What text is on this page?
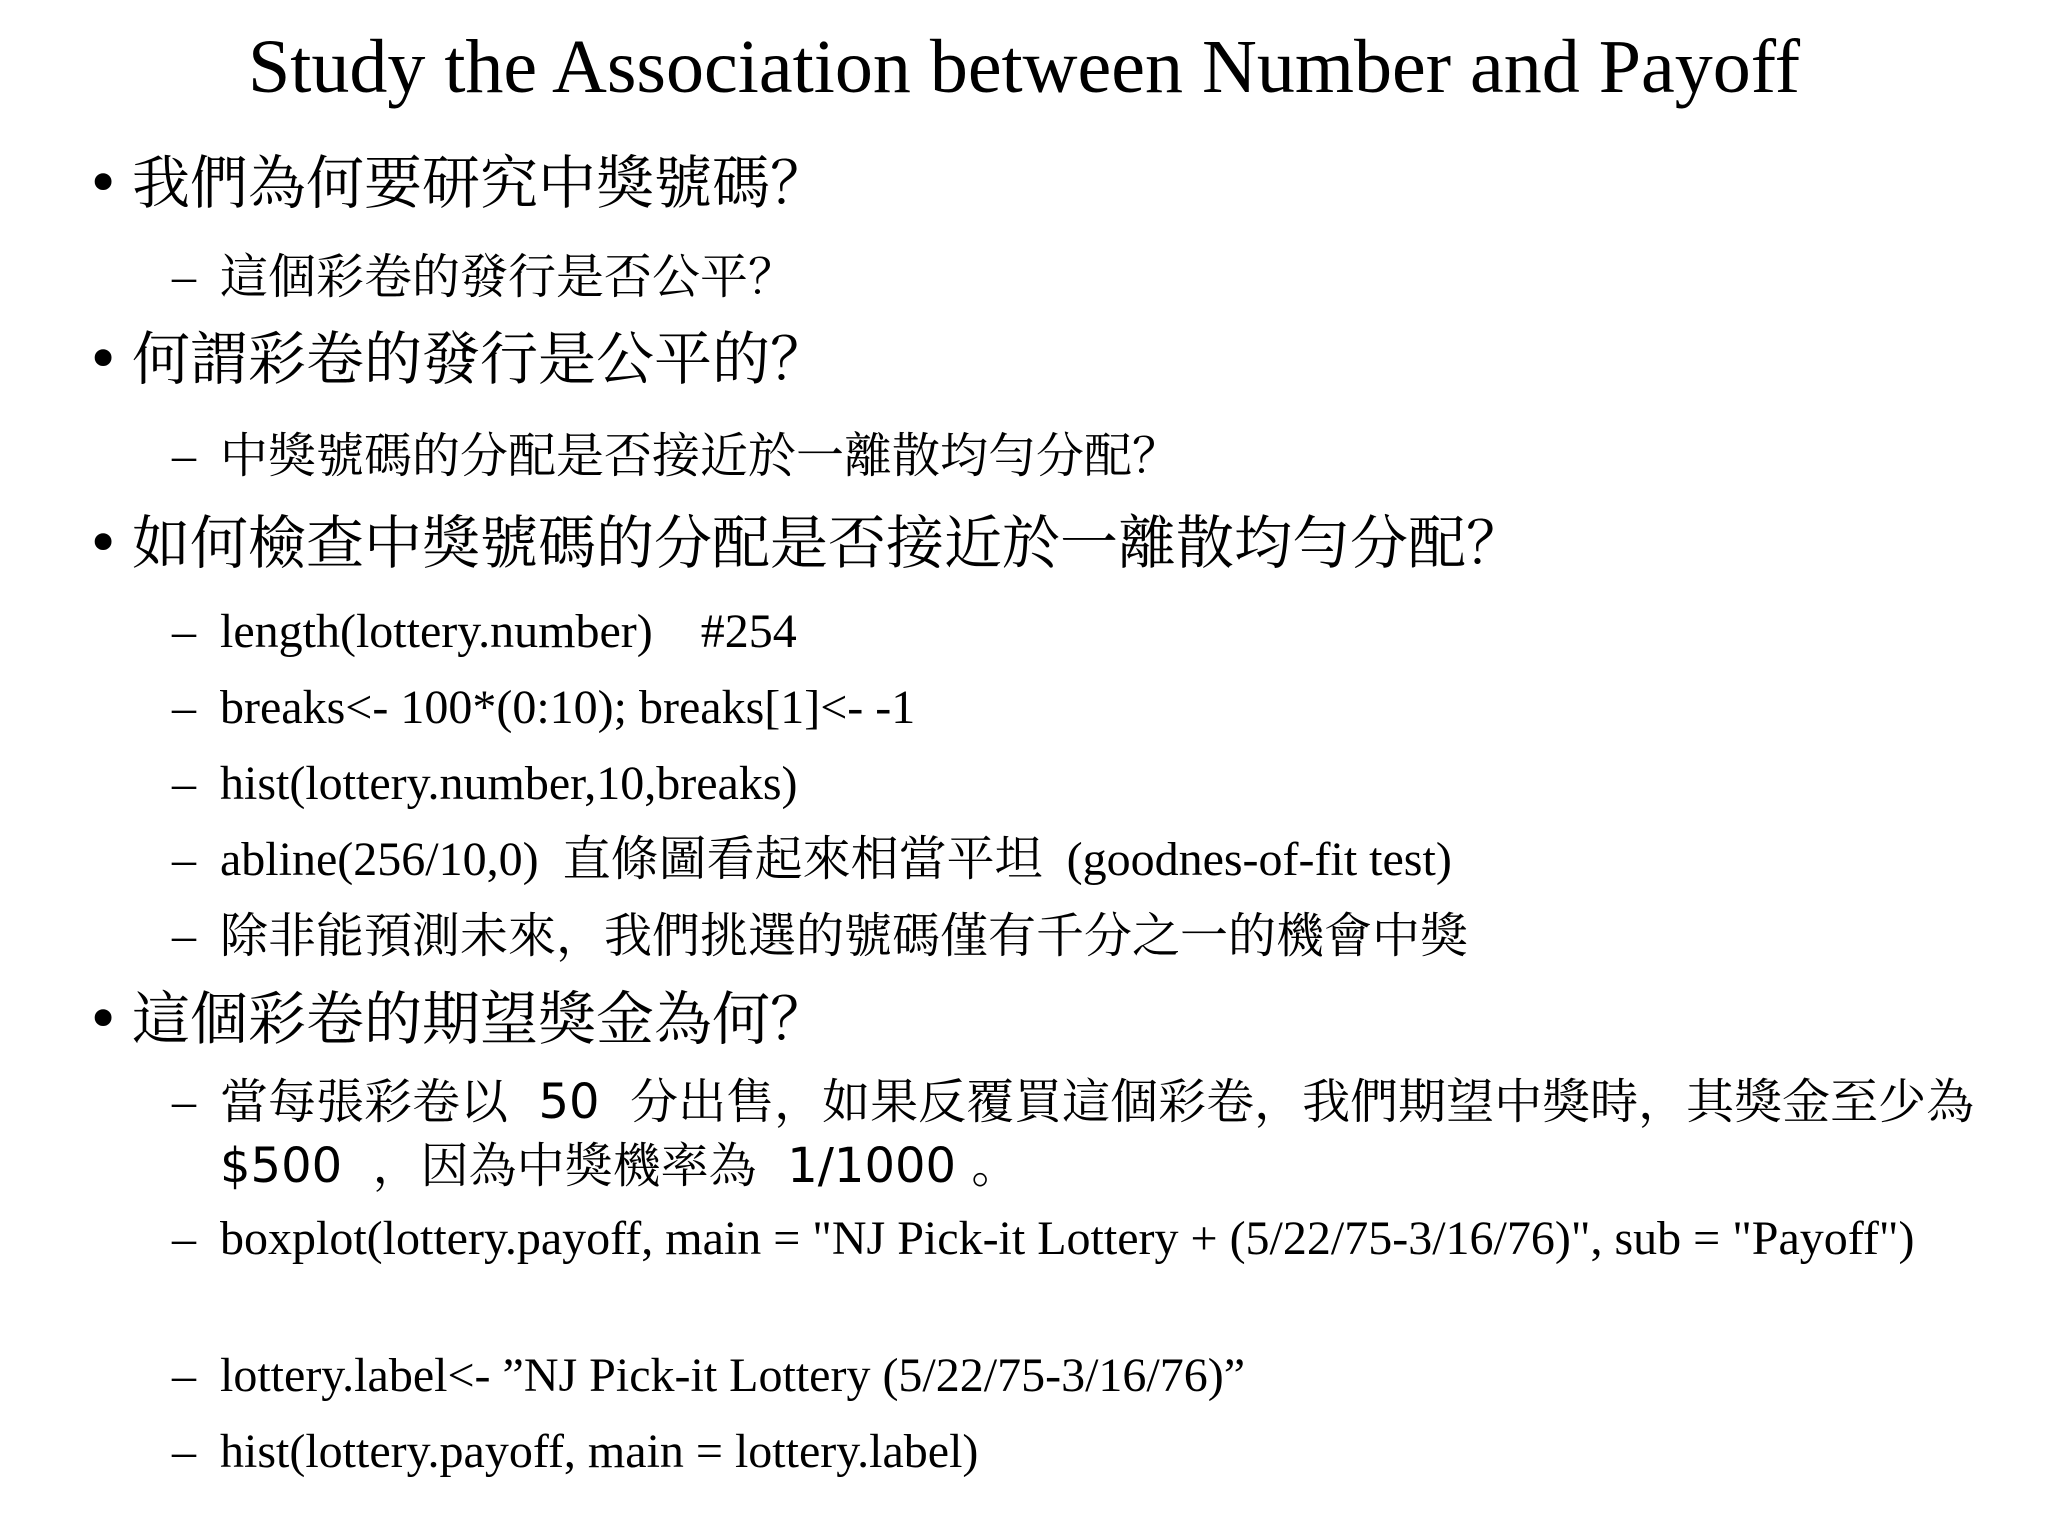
Study the Association between Number and Payoff
• 我們為何要研究中獎號碼？
– 這個彩卷的發行是否公平？
• 何謂彩卷的發行是公平的？
– 中獎號碼的分配是否接近於一離散均勻分配？
• 如何檢查中獎號碼的分配是否接近於一離散均勻分配？
– length(lottery.number)    #254
– breaks<- 100*(0:10); breaks[1]<- -1
– hist(lottery.number,10,breaks)
– abline(256/10,0)  直條圖看起來相當平坦  (goodnes-of-fit test)
– 除非能預測未來，我們挑選的號碼僅有千分之一的機會中獎
• 這個彩卷的期望獎金為何？
– 當每張彩卷以  50  分出售，如果反覆買這個彩卷，我們期望中獎時，其獎金至少為  $500  ，因為中獎機率為  1/1000 。
– boxplot(lottery.payoff, main = "NJ Pick-it Lottery + (5/22/75-3/16/76)", sub = "Payoff")
– lottery.label<- ”NJ Pick-it Lottery (5/22/75-3/16/76)”
– hist(lottery.payoff, main = lottery.label)
